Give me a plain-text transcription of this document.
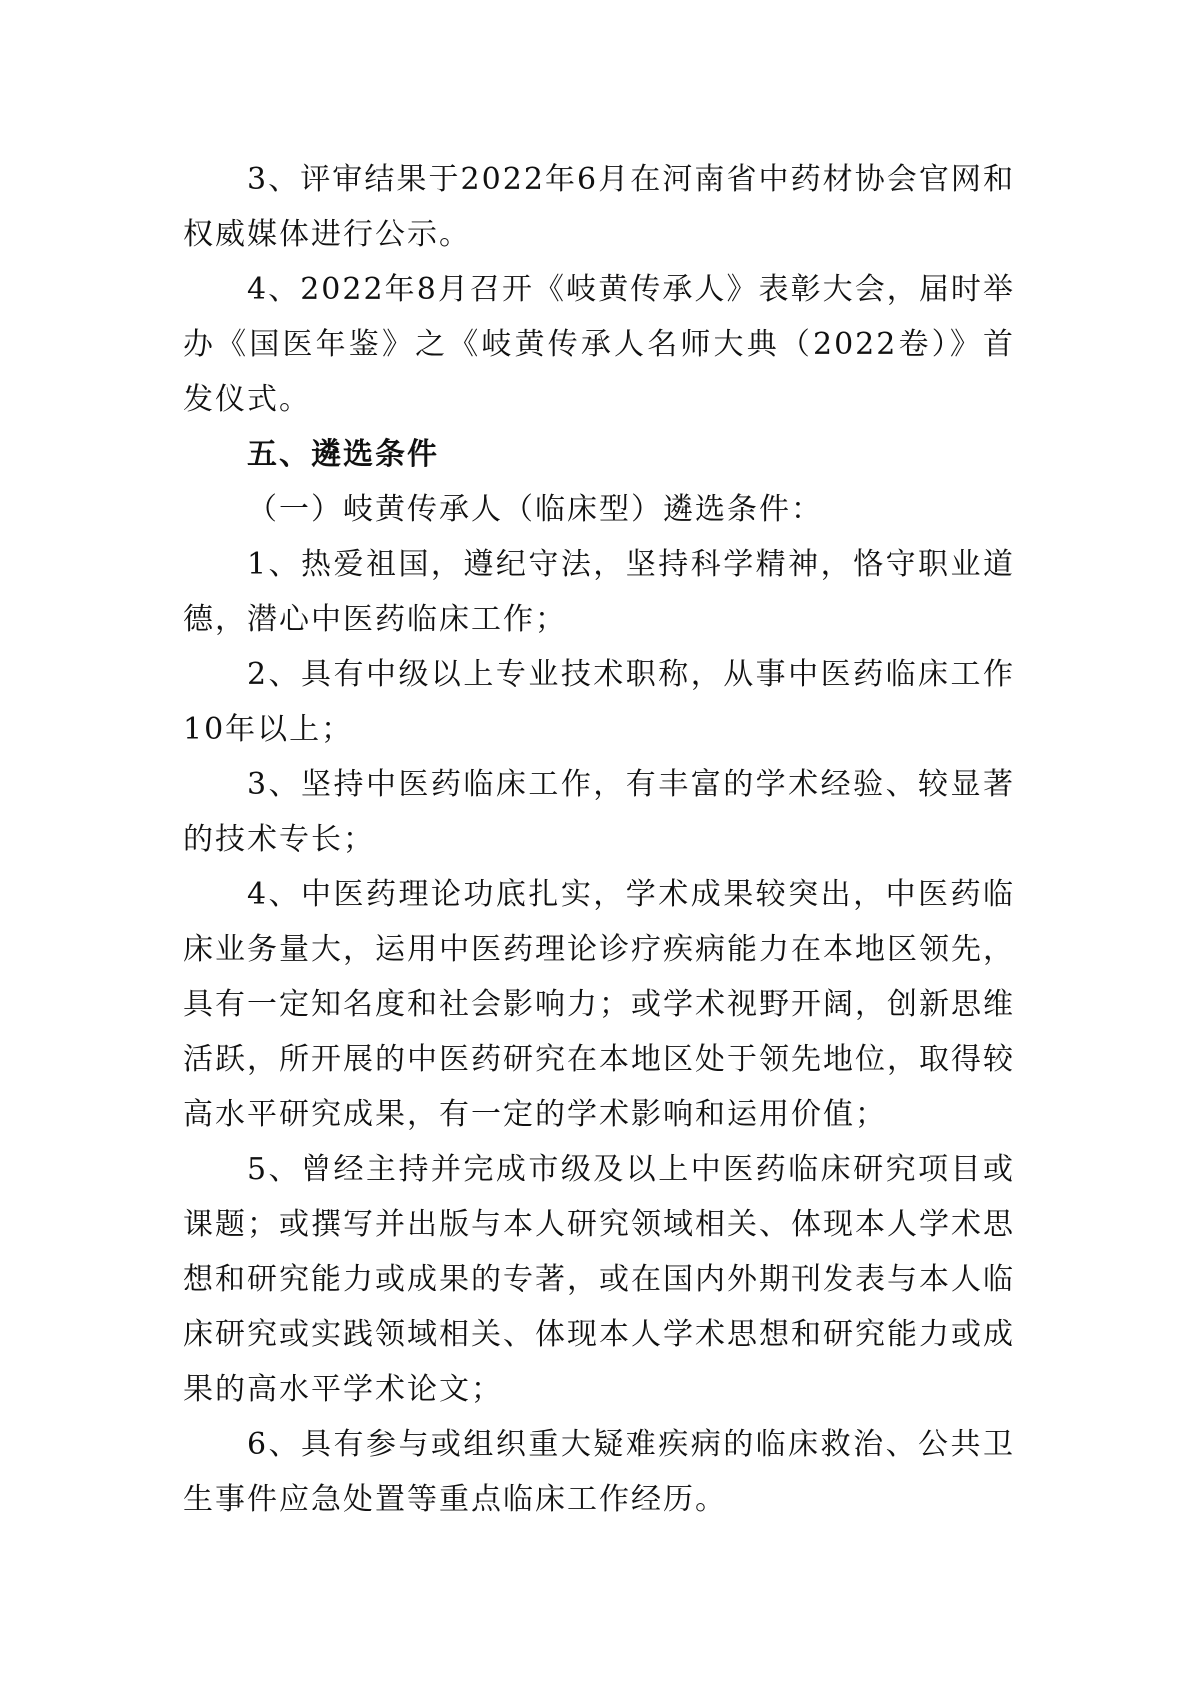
3、评审结果于2022年6月在河南省中药材协会官网和权威媒体进行公示。

4、2022年8月召开《岐黄传承人》表彰大会，届时举办《国医年鉴》之《岐黄传承人名师大典（2022卷）》首发仪式。

五、遴选条件

（一）岐黄传承人（临床型）遴选条件：

1、热爱祖国，遵纪守法，坚持科学精神，恪守职业道德，潜心中医药临床工作；

2、具有中级以上专业技术职称，从事中医药临床工作10年以上；

3、坚持中医药临床工作，有丰富的学术经验、较显著的技术专长；

4、中医药理论功底扎实，学术成果较突出，中医药临床业务量大，运用中医药理论诊疗疾病能力在本地区领先，具有一定知名度和社会影响力；或学术视野开阔，创新思维活跃，所开展的中医药研究在本地区处于领先地位，取得较高水平研究成果，有一定的学术影响和运用价值；

5、曾经主持并完成市级及以上中医药临床研究项目或课题；或撰写并出版与本人研究领域相关、体现本人学术思想和研究能力或成果的专著，或在国内外期刊发表与本人临床研究或实践领域相关、体现本人学术思想和研究能力或成果的高水平学术论文；

6、具有参与或组织重大疑难疾病的临床救治、公共卫生事件应急处置等重点临床工作经历。
